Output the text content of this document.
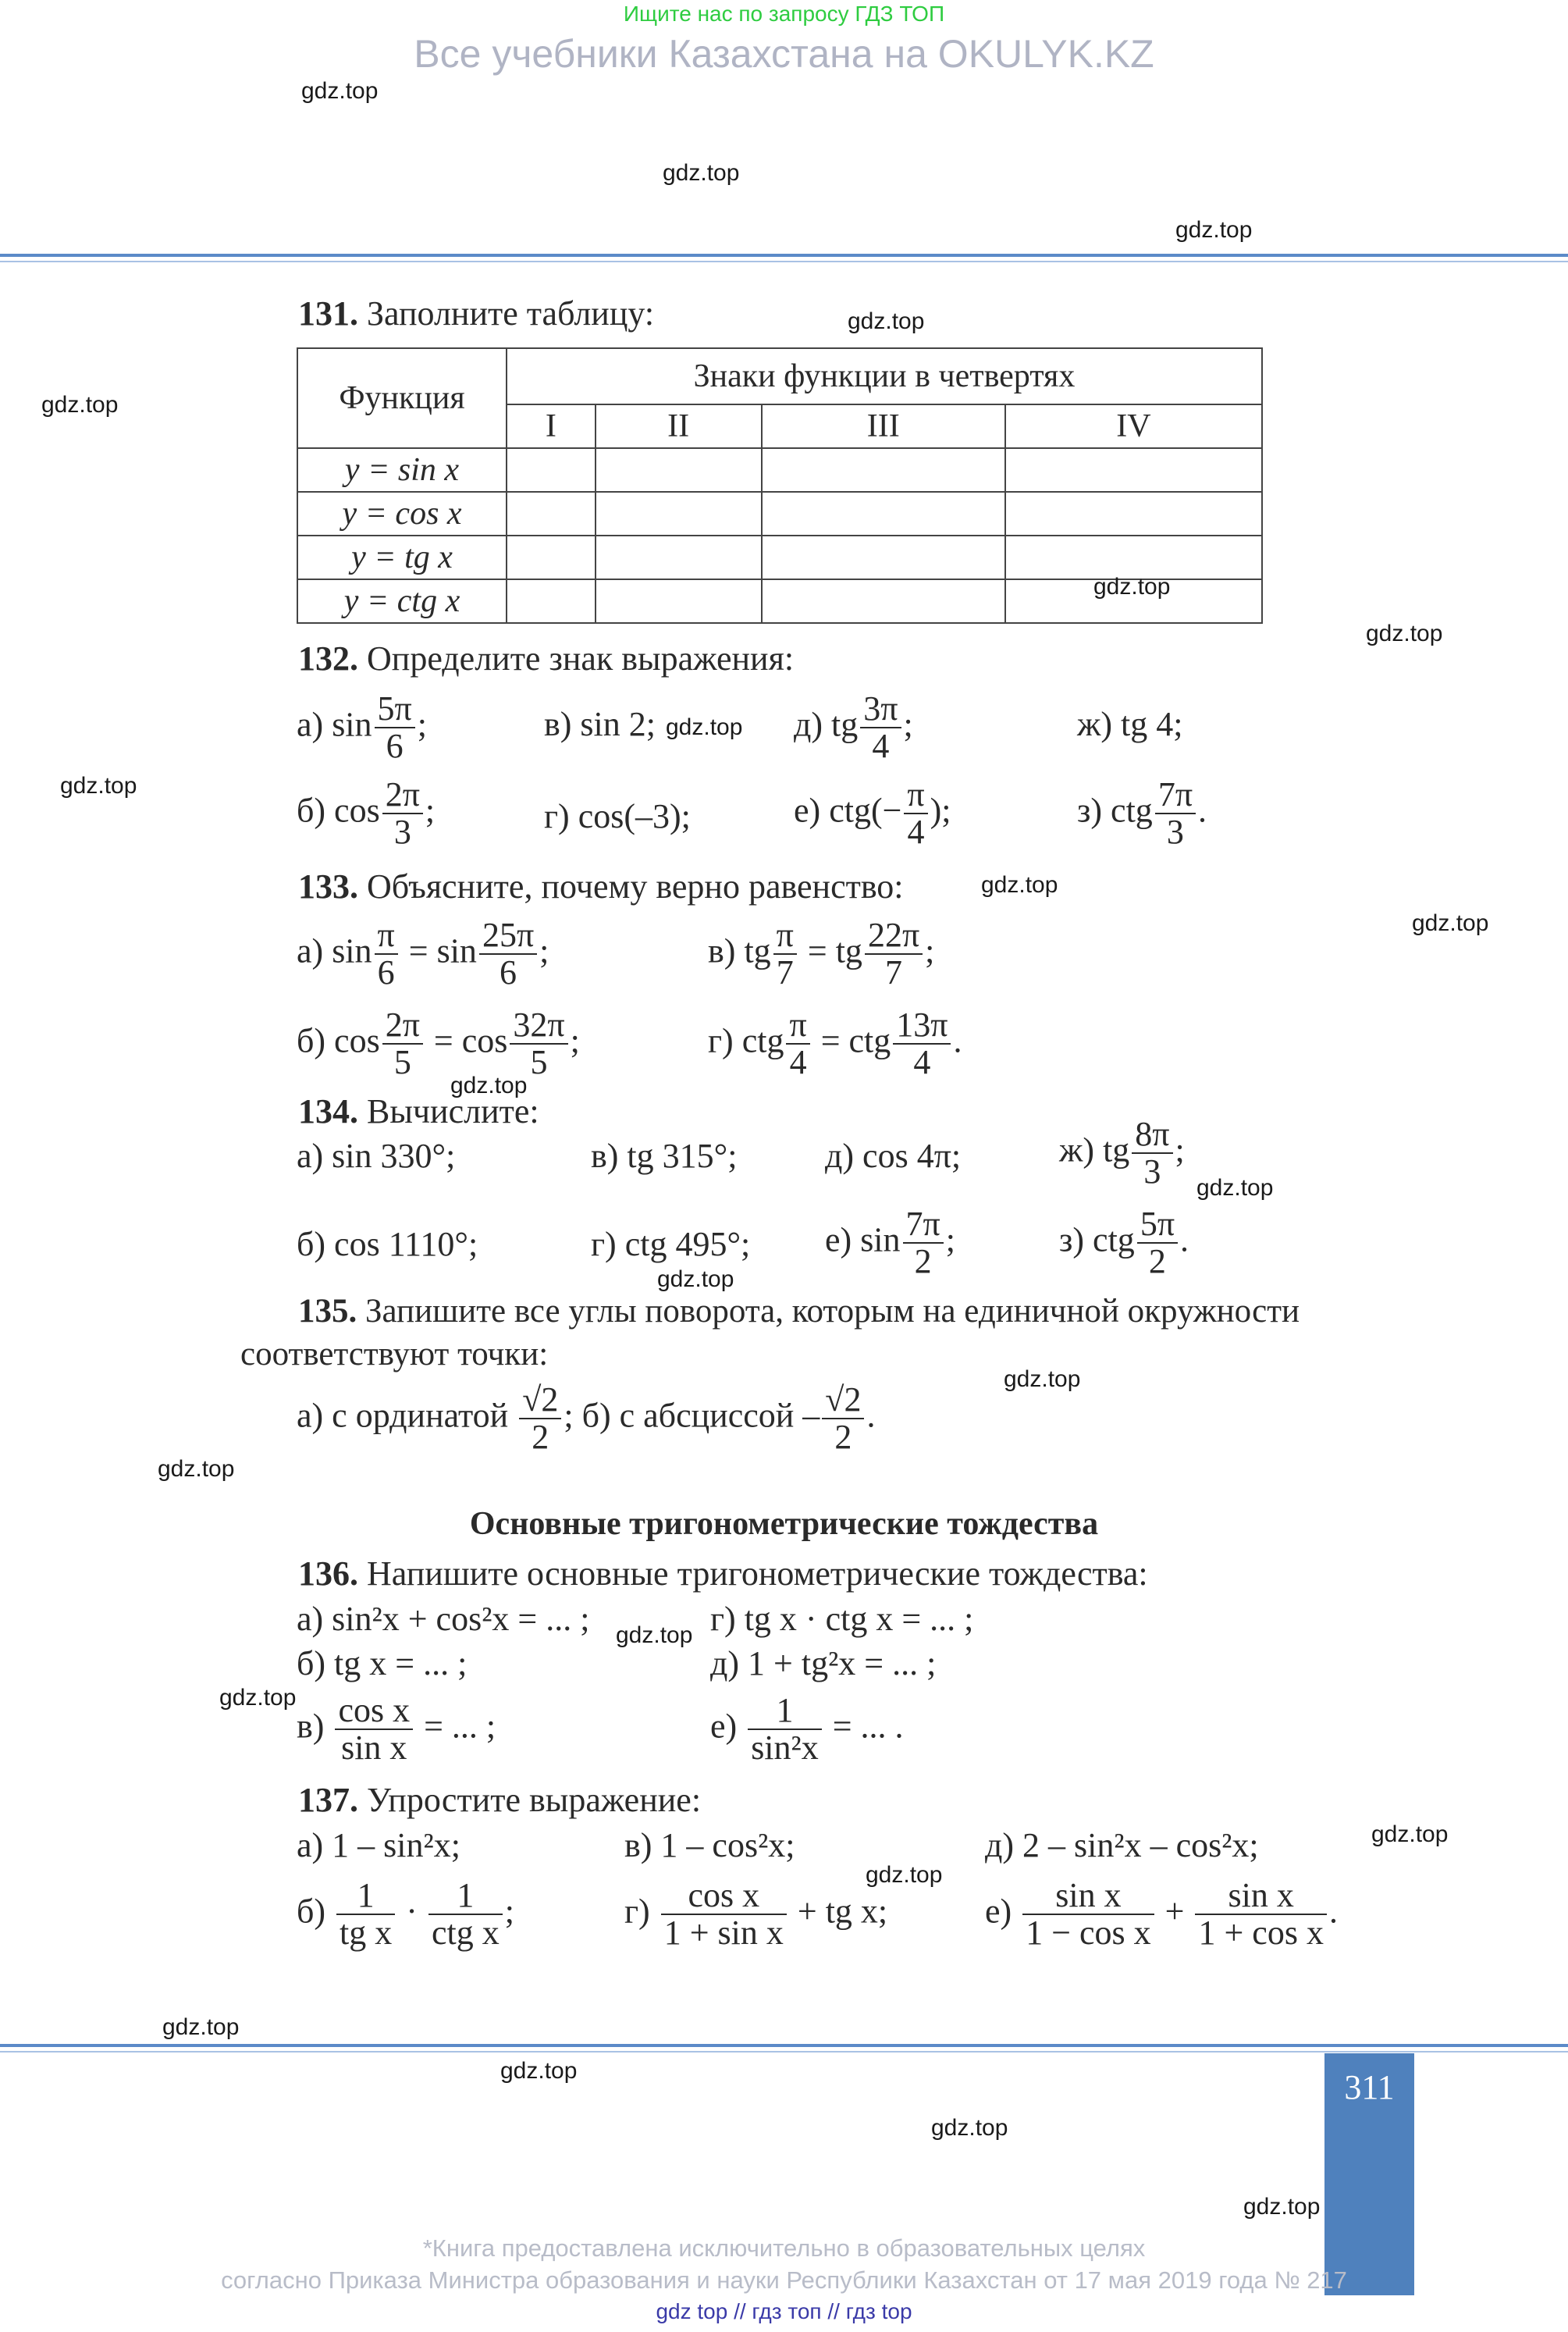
Ищите нас по запросу ГДЗ ТОП
Все учебники Казахстана на OKULYK.KZ
311
131. Заполните таблицу:
Функция	Знаки функции в четвертях			
	I	II	III	IV
y = sin x				
y = cos x				
y = tg x				
y = ctg x				
132. Определите знак выражения:
а) $\sin \frac{5\pi}{6}$ ;	в) sin 2;	д) tg $\frac{3\pi}{4}$ ;	ж) tg 4;
б) $\cos \frac{2\pi}{3}$ ;	г) cos(–3);	е) $ctg(- \frac{\pi}{4}$ );	з) ctg $\frac{7\pi}{3}$ .
133. Объясните, почему верно равенство:
а) $\sin \frac{\pi}{6} = \sin \frac{25\pi}{6}$ ;	в) tg $\frac{\pi}{7}$ = tg $\frac{22\pi}{7}$ ;
б) $\cos \frac{2\pi}{5} = \cos \frac{32\pi}{5}$ ;	г) ctg $\frac{\pi}{4}$ = ctg $\frac{13\pi}{4}$ .
134. Вычислите:
а) sin 330°;	в) tg 315°;	д) cos 4π;	ж) tg $\frac{8\pi}{3}$ ;
б) cos 1110°;	г) ctg 495°; е) $\sin \frac{7\pi}{2}$ ;	з) ctg $\frac{5\pi}{2}$ .
135. Запишите все углы поворота, которым на единичной окружности
соответствуют точки:
а) с ординатой $\frac{√2}{2}$ ; б) с абсциссой – $\frac{√2}{2}$ .
Основные тригонометрические тождества
136. Напишите основные тригонометрические тождества:
а) sin²x + cos²x = ... ;	г) tg x · ctg x = ... ;
б) tg x = ... ;	д) 1 + tg²x = ... ;
$в) \frac{\text{cos x}}{\text{sin x}}$ = ... ;	$е) \frac{1}{\text{sin²x}}$ = ... .
137. Упростите выражение:
а) 1 – sin²x;	в) 1 – cos²x;	д) 2 – sin²x – cos²x;
$б) \frac{1}{\text{tg x}}$ ·	1
ctg x
;	$г) \frac{\text{cos x}}{\text{1 + sin x}}$ + tg x;	$е) \frac{\text{sin x}}{\text{1 − cos x}} + \frac{\text{sin x}}{\text{1 + cos x}}$ .
gdz.top
gdz.top
gdz.top
gdz.top
gdz.top
gdz.top
gdz.top
gdz.top
gdz.top
gdz.top
gdz.top
gdz.top
gdz.top
gdz.top
gdz.top
gdz.top
gdz.top
gdz.top
gdz.top
gdz.top
gdz.top
gdz.top
gdz.top
gdz.top
*Книга предоставлена исключительно в образовательных целях
согласно Приказа Министра образования и науки Республики Казахстан от 17 мая 2019 года № 217
gdz top // гдз топ // гдз top
